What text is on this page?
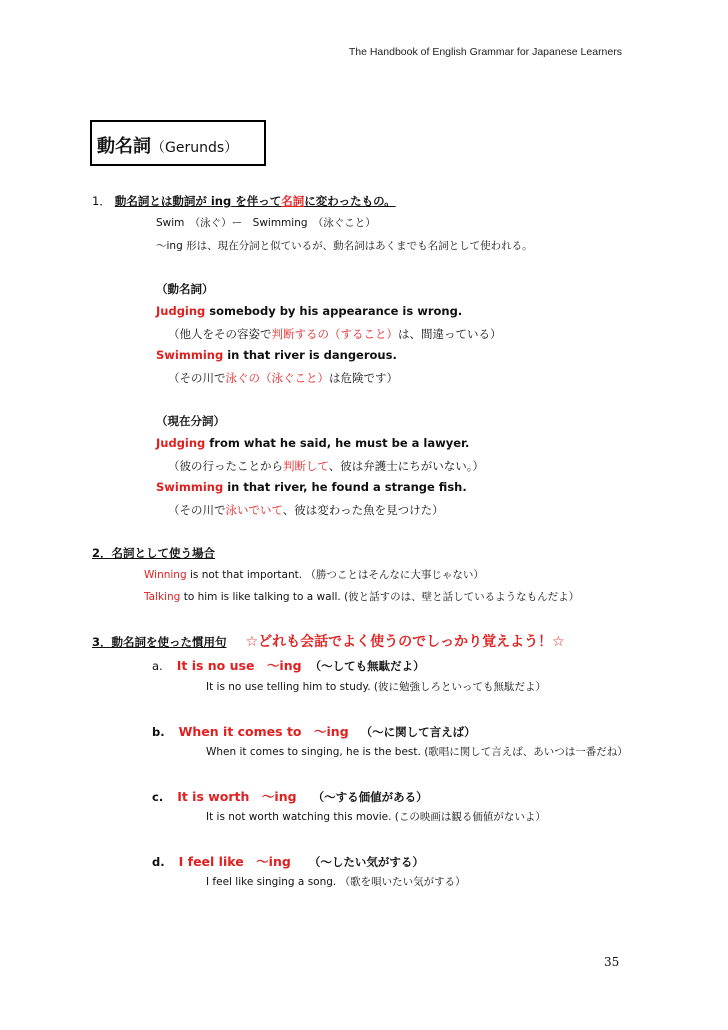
The Handbook of English Grammar for Japanese Learners
動名詞（Gerunds）
1． 動名詞とは動詞が ing を伴って名詞に変わったもの。
Swim　（泳ぐ）ー　Swimming　（泳ぐこと）
～ing 形は、現在分詞と似ているが、動名詞はあくまでも名詞として使われる。
（動名詞）
Judging somebody by his appearance is wrong.
（他人をその容姿で判断するの（すること）は、間違っている）
Swimming in that river is dangerous.
（その川で泳ぐの（泳ぐこと）は危険です）
（現在分詞）
Judging from what he said, he must be a lawyer.
（彼の行ったことから判断して、彼は弁護士にちがいない。）
Swimming in that river, he found a strange fish.
（その川で泳いでいて、彼は変わった魚を見つけた）
2．名詞として使う場合
Winning is not that important. （勝つことはそんなに大事じゃない）
Talking to him is like talking to a wall. (彼と話すのは、壁と話しているようなもんだよ）
3．動名詞を使った慣用句 ☆どれも会話でよく使うのでしっかり覚えよう！☆
a. It is no use　～ing （～しても無駄だよ）
It is no use telling him to study. (彼に勉強しろといっても無駄だよ）
b. When it comes to　～ing （～に関して言えば）
When it comes to singing, he is the best. (歌唱に関して言えば、あいつは一番だね）
c. It is worth　～ing （～する価値がある）
It is not worth watching this movie. (この映画は観る価値がないよ）
d. I feel like　～ing （～したい気がする）
I feel like singing a song. （歌を唄いたい気がする）
35
